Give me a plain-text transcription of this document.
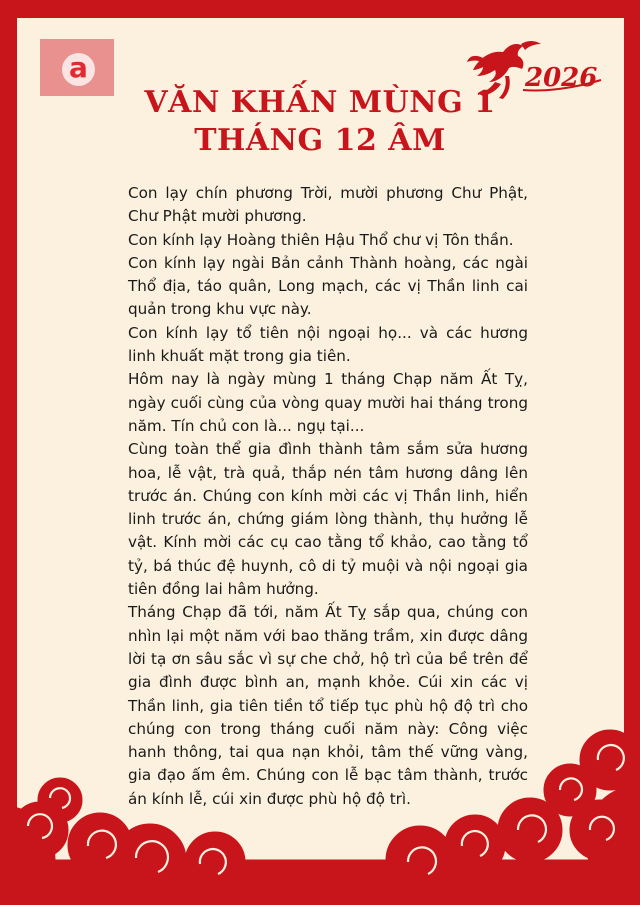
a	2026
VĂN KHẤN MÙNG 1
THÁNG 12 ÂM

Con lạy chín phương Trời, mười phương Chư Phật, Chư Phật mười phương.

Con kính lạy Hoàng thiên Hậu Thổ chư vị Tôn thần.

Con kính lạy ngài Bản cảnh Thành hoàng, các ngài Thổ địa, táo quân, Long mạch, các vị Thần linh cai quản trong khu vực này.

Con kính lạy tổ tiên nội ngoại họ... và các hương linh khuất mặt trong gia tiên.

Hôm nay là ngày mùng 1 tháng Chạp năm Ất Tỵ, ngày cuối cùng của vòng quay mười hai tháng trong năm. Tín chủ con là... ngụ tại...

Cùng toàn thể gia đình thành tâm sắm sửa hương hoa, lễ vật, trà quả, thắp nén tâm hương dâng lên trước án. Chúng con kính mời các vị Thần linh, hiển linh trước án, chứng giám lòng thành, thụ hưởng lễ vật. Kính mời các cụ cao tằng tổ khảo, cao tằng tổ tỷ, bá thúc đệ huynh, cô di tỷ muội và nội ngoại gia tiên đồng lai hâm hưởng.

Tháng Chạp đã tới, năm Ất Tỵ sắp qua, chúng con nhìn lại một năm với bao thăng trầm, xin được dâng lời tạ ơn sâu sắc vì sự che chở, hộ trì của bề trên để gia đình được bình an, mạnh khỏe. Cúi xin các vị Thần linh, gia tiên tiền tổ tiếp tục phù hộ độ trì cho chúng con trong tháng cuối năm này: Công việc hanh thông, tai qua nạn khỏi, tâm thế vững vàng, gia đạo ấm êm. Chúng con lễ bạc tâm thành, trước án kính lễ, cúi xin được phù hộ độ trì.
